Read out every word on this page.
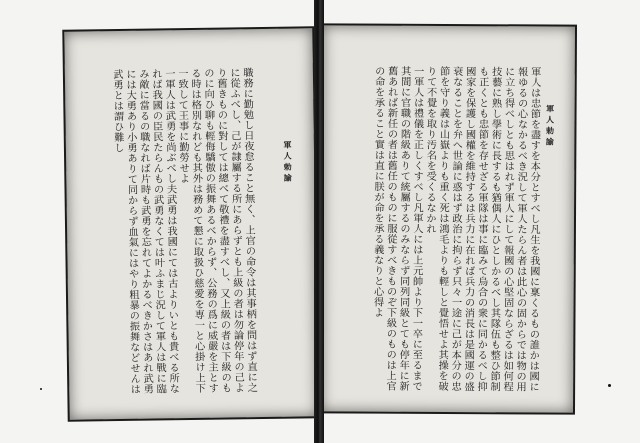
軍人勅諭
職務に勤勉し日夜怠ること無く、上官の命令は其事柄を問はず直に之に從ふべし、己が隷屬する所にあらずとも上級の者は勿論停年の己より舊きものに對しては總べて敬禮を盡すべし、又上級の者は下級のものに向ひ聊も輕侮驕傲の振舞あるべからず、公務の爲に威嚴を主とする時は格別なれども其外は務めて懇に取扱ひ慈愛を専一と心掛け上下一致して王事に勤勞せよ
一軍人は武勇を尚ぶべし夫武勇は我國にては古よりいとも貴べる所なれば我國の臣民たらんもの武勇なくては叶ふまじ況して軍人は戰に臨み敵に當るの職なれば片時も武勇を忘れてよかるべきかさはあれ武勇には大勇あり小勇ありて同からず血氣にはやり粗暴の振舞などせんは武勇とは謂ひ難し	軍人勅諭
軍人は忠節を盡すを本分とすべし凡生を我國に稟くるもの誰かは國に報ゆるの心なかるべき況して軍人たらん者は此心の固からでは物の用に立ち得べしとも思はれず軍人にして報國の心堅固ならざるは如何程技藝に熟し學術に長するも猶偶人にひとしかるべし其隊伍も整ひ節制も正くとも忠節を存せざる軍隊は事に臨みて烏合の衆に同かるべし抑國家を保護し國權を維持するは兵力に在れば兵力の消長は是國運の盛衰なることを弁へ世論に惑はず政治に拘らず只々一途に己が本分の忠節を守り義は山嶽よりも重く死は鴻毛よりも輕しと覺悟せよ其操を破りて不覺を取り汚名を受くるなかれ
一軍人は禮儀を正しくすべし凡軍人には上元帥より下一卒に至るまで其間に官職の階級ありて統屬するのみならず同列同級とても停年に新舊あれば新任の者は舊任のものに服從すべきものぞ下級のものは上官の命を承ること實は直に朕が命を承る義なりと心得よ
